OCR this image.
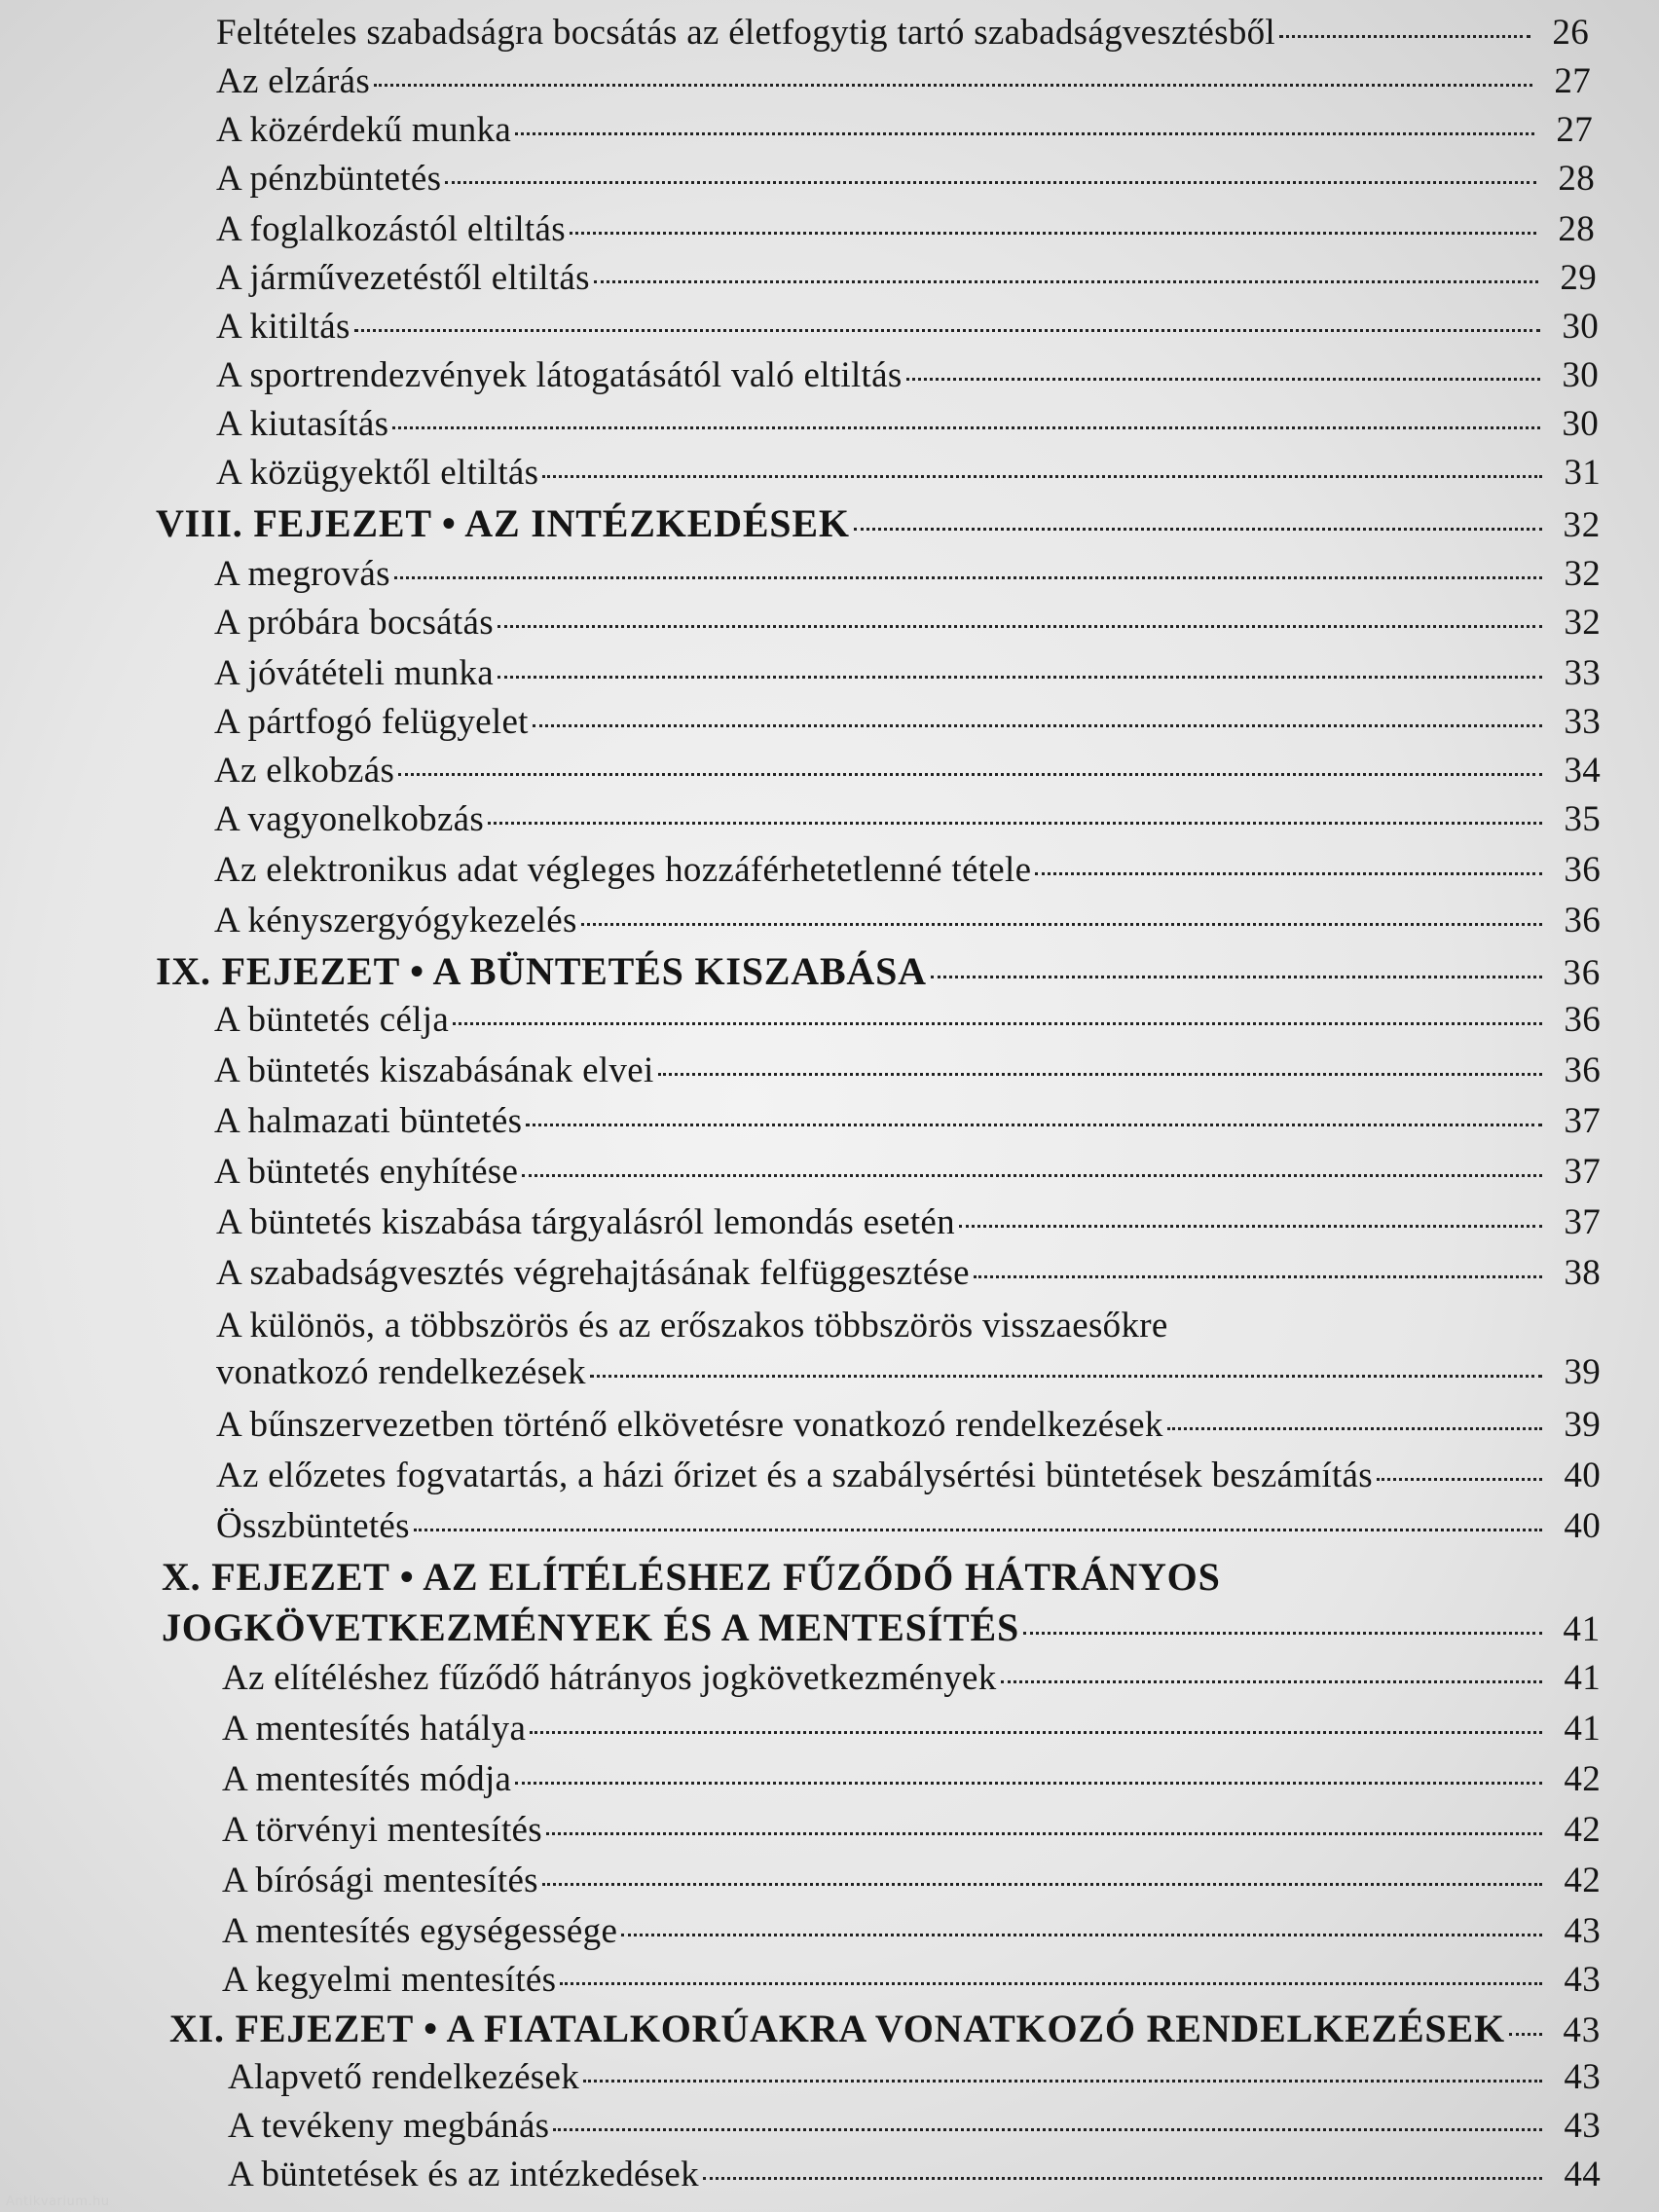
Feltételes szabadságra bocsátás az életfogytig tartó szabadságvesztésből	26
Az elzárás	27
A közérdekű munka	27
A pénzbüntetés	28
A foglalkozástól eltiltás	28
A járművezetéstől eltiltás	29
A kitiltás	30
A sportrendezvények látogatásától való eltiltás	30
A kiutasítás	30
A közügyektől eltiltás	31
VIII. FEJEZET • AZ INTÉZKEDÉSEK	32
A megrovás	32
A próbára bocsátás	32
A jóvátételi munka	33
A pártfogó felügyelet	33
Az elkobzás	34
A vagyonelkobzás	35
Az elektronikus adat végleges hozzáférhetetlenné tétele	36
A kényszergyógykezelés	36
IX. FEJEZET • A BÜNTETÉS KISZABÁSA	36
A büntetés célja	36
A büntetés kiszabásának elvei	36
A halmazati büntetés	37
A büntetés enyhítése	37
A büntetés kiszabása tárgyalásról lemondás esetén	37
A szabadságvesztés végrehajtásának felfüggesztése	38
A különös, a többszörös és az erőszakos többszörös visszaesőkre
vonatkozó rendelkezések	39
A bűnszervezetben történő elkövetésre vonatkozó rendelkezések	39
Az előzetes fogvatartás, a házi őrizet és a szabálysértési büntetések beszámítás	40
Összbüntetés	40
X. FEJEZET • AZ ELÍTÉLÉSHEZ FŰZŐDŐ HÁTRÁNYOS
JOGKÖVETKEZMÉNYEK ÉS A MENTESÍTÉS	41
Az elítéléshez fűződő hátrányos jogkövetkezmények	41
A mentesítés hatálya	41
A mentesítés módja	42
A törvényi mentesítés	42
A bírósági mentesítés	42
A mentesítés egységessége	43
A kegyelmi mentesítés	43
XI. FEJEZET • A FIATALKORÚAKRA VONATKOZÓ RENDELKEZÉSEK	43
Alapvető rendelkezések	43
A tevékeny megbánás	43
A büntetések és az intézkedések	44
Antikvarium.hu
